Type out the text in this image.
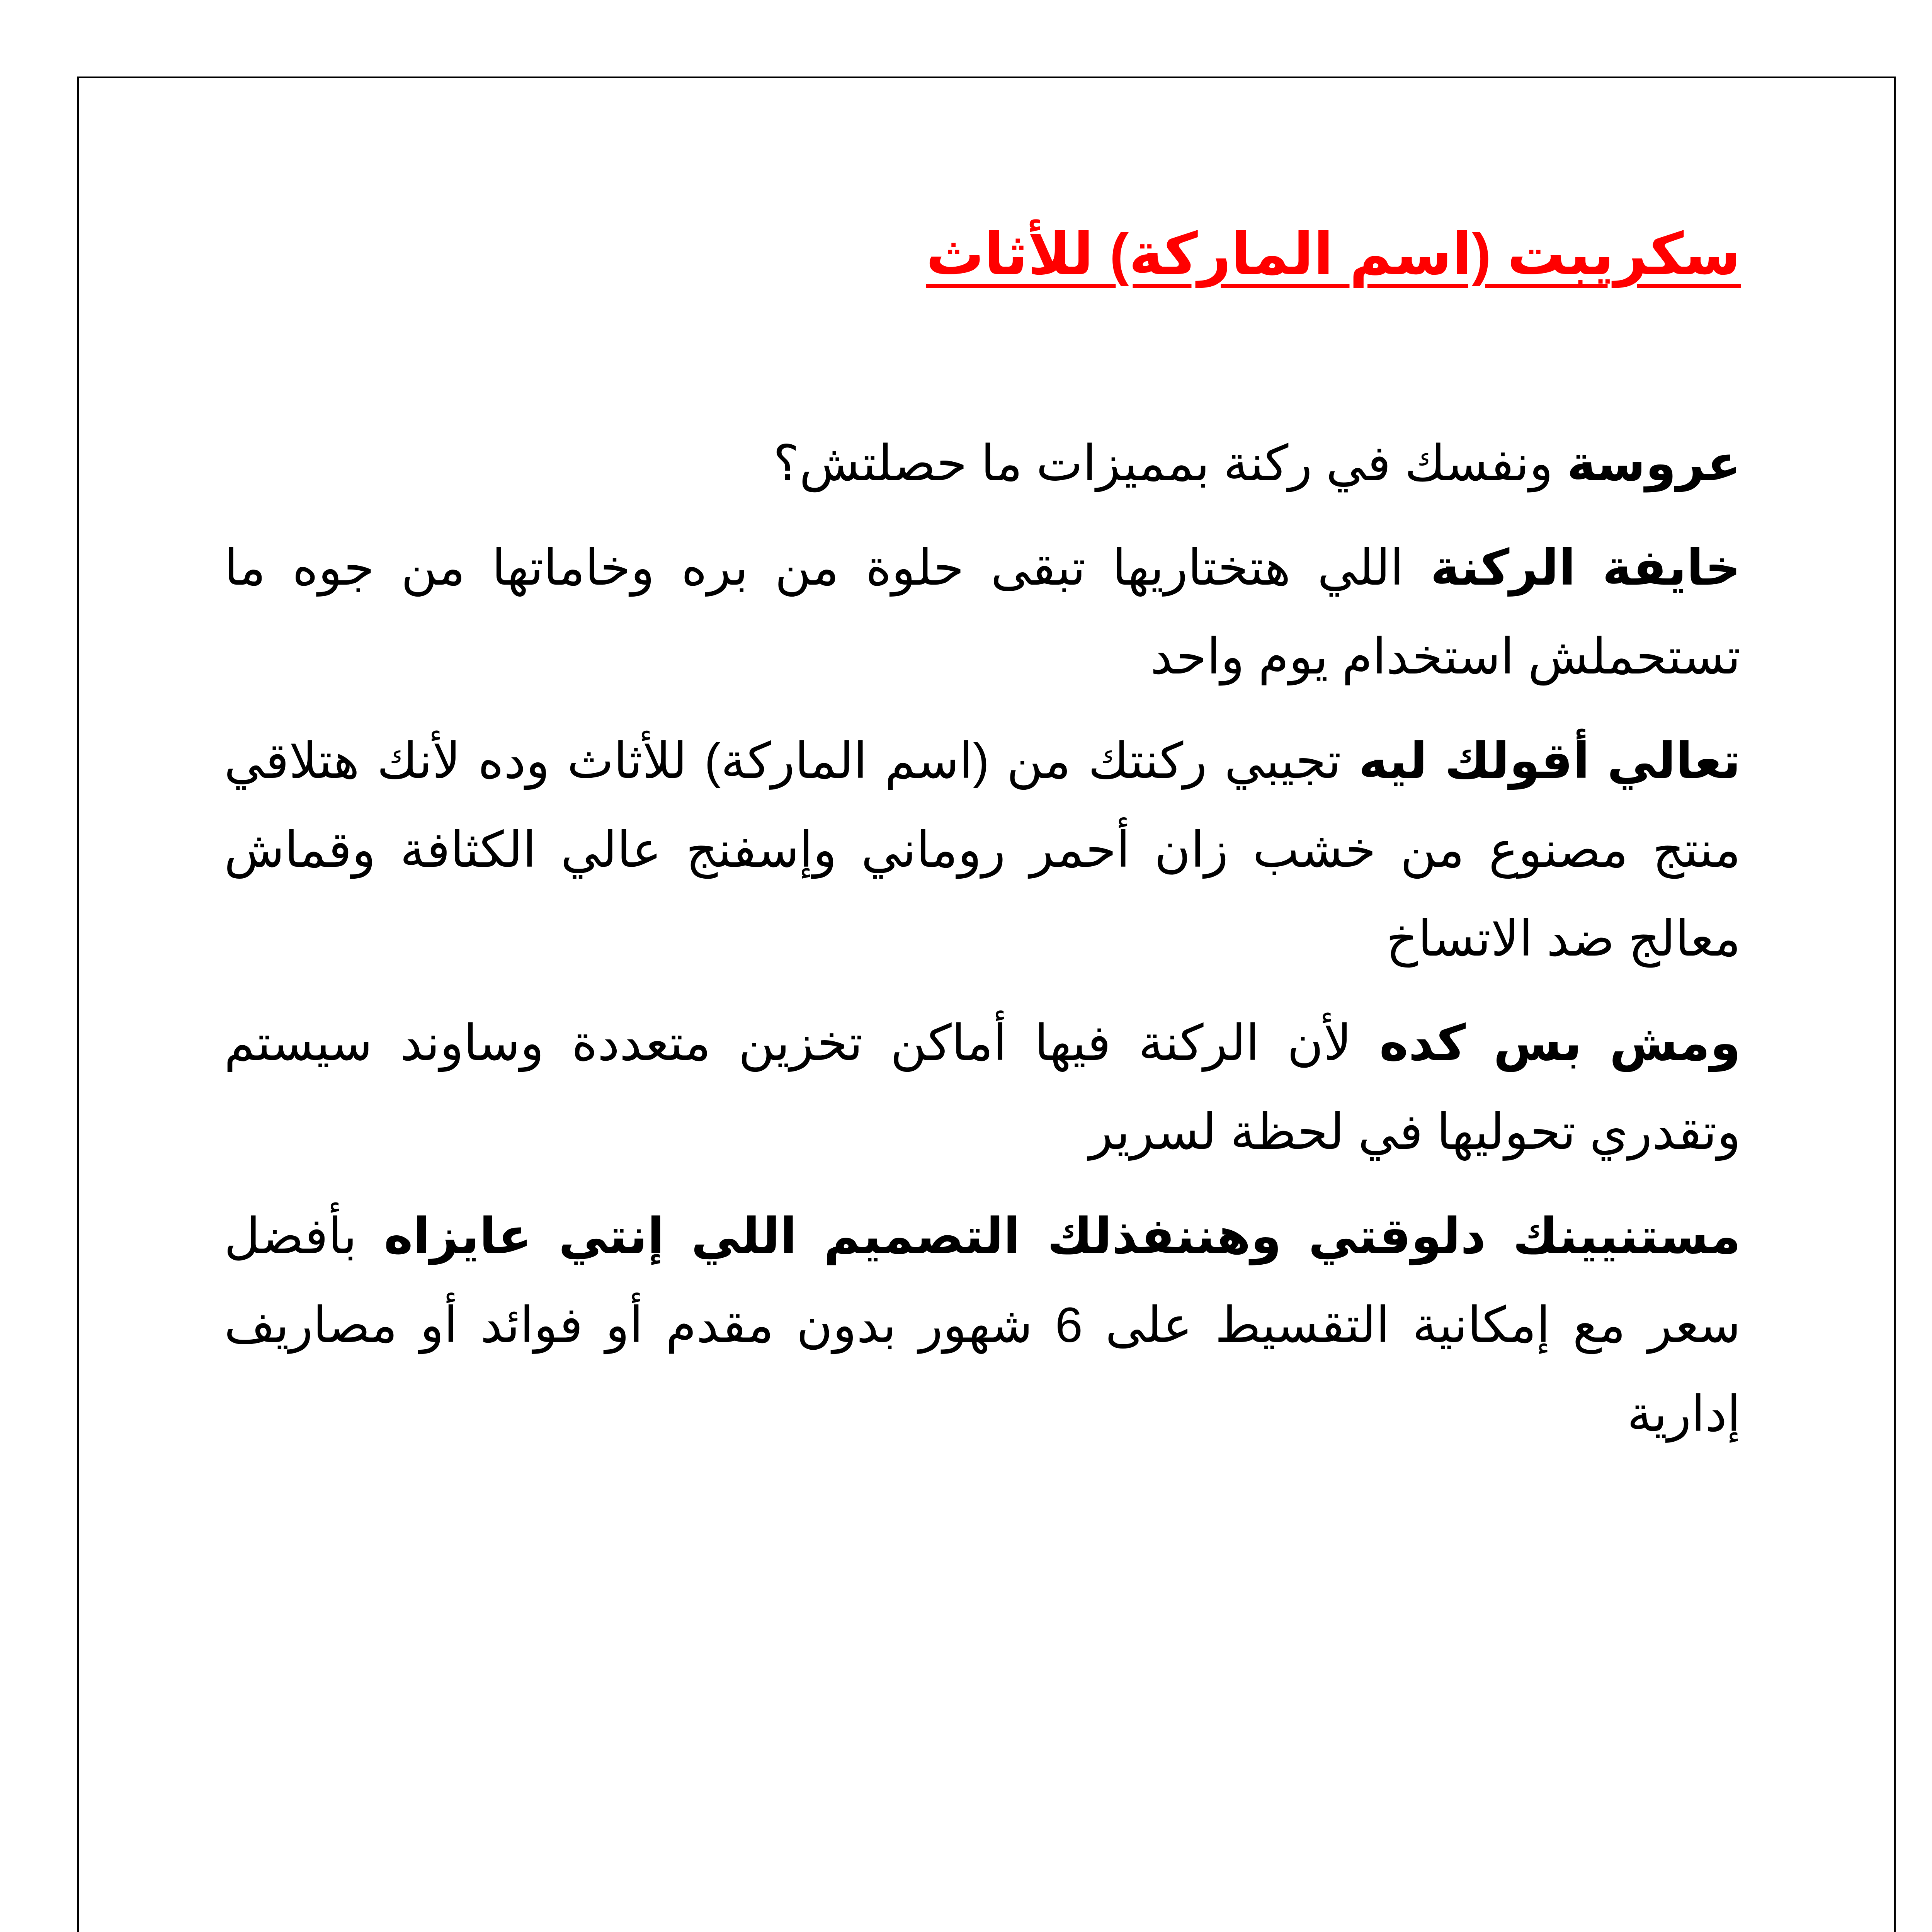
سكريبت (اسم الماركة) للأثاث

عروسة ونفسك في ركنة بمميزات ما حصلتش؟

خايفة الركنة اللي هتختاريها تبقى حلوة من بره وخاماتها من جوه ما تستحملش استخدام يوم واحد

تعالي أقولك ليه تجيبي ركنتك من (اسم الماركة) للأثاث وده لأنك هتلاقي منتج مصنوع من خشب زان أحمر روماني وإسفنج عالي الكثافة وقماش معالج ضد الاتساخ

ومش بس كده لأن الركنة فيها أماكن تخزين متعددة وساوند سيستم وتقدري تحوليها في لحظة لسرير

مستنيينك دلوقتي وهننفذلك التصميم اللي إنتي عايزاه بأفضل سعر مع إمكانية التقسيط على 6 شهور بدون مقدم أو فوائد أو مصاريف إدارية
